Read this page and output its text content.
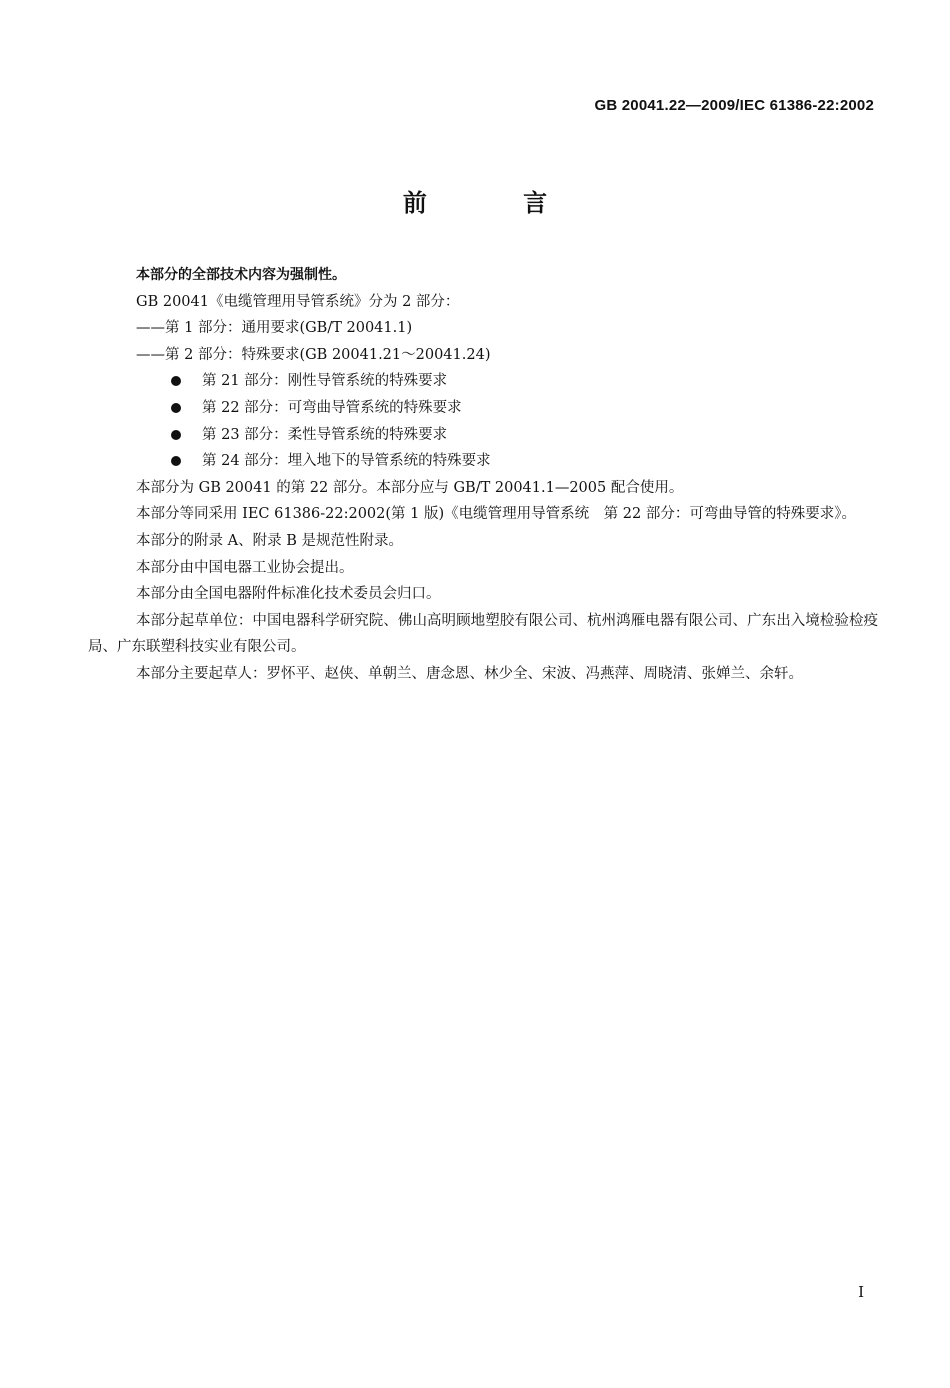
GB 20041.22—2009/IEC 61386-22:2002
前 言

本部分的全部技术内容为强制性。

GB 20041《电缆管理用导管系统》分为 2 部分：

——第 1 部分：通用要求(GB/T 20041.1)

——第 2 部分：特殊要求(GB 20041.21～20041.24)

第 21 部分：刚性导管系统的特殊要求
第 22 部分：可弯曲导管系统的特殊要求
第 23 部分：柔性导管系统的特殊要求
第 24 部分：埋入地下的导管系统的特殊要求

本部分为 GB 20041 的第 22 部分。本部分应与 GB/T 20041.1—2005 配合使用。

本部分等同采用 IEC 61386-22:2002(第 1 版)《电缆管理用导管系统　第 22 部分：可弯曲导管的特殊要求》。

本部分的附录 A、附录 B 是规范性附录。

本部分由中国电器工业协会提出。

本部分由全国电器附件标准化技术委员会归口。

本部分起草单位：中国电器科学研究院、佛山高明顾地塑胶有限公司、杭州鸿雁电器有限公司、广东出入境检验检疫局、广东联塑科技实业有限公司。

本部分主要起草人：罗怀平、赵侠、单朝兰、唐念恩、林少全、宋波、冯燕萍、周晓清、张婵兰、余轩。

I
